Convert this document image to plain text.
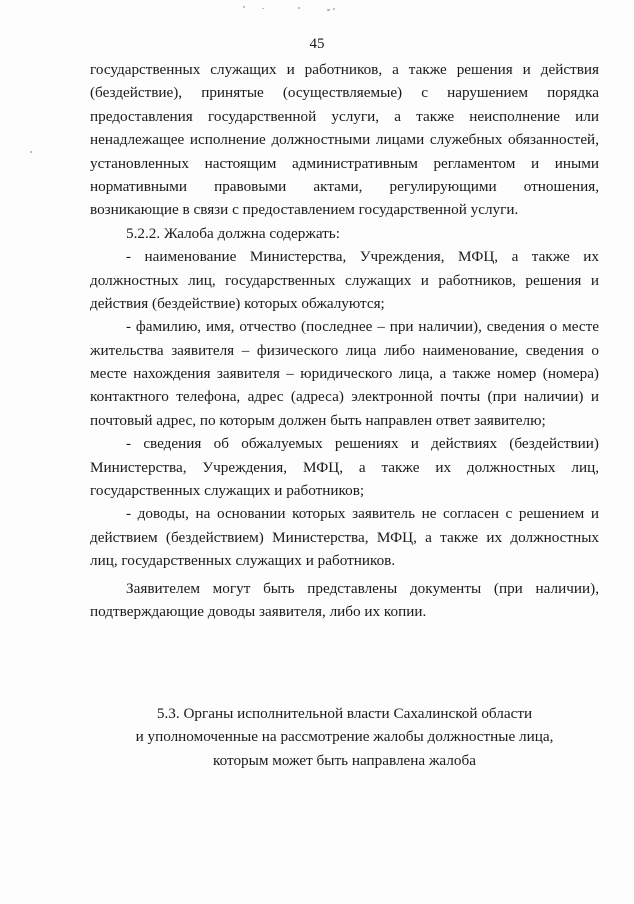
45
государственных служащих и работников, а также решения и действия
(бездействие), принятые (осуществляемые) с нарушением порядка
предоставления государственной услуги, а также неисполнение или
ненадлежащее исполнение должностными лицами служебных обязанностей,
установленных настоящим административным регламентом и иными
нормативными правовыми актами, регулирующими отношения,
возникающие в связи с предоставлением государственной услуги.
5.2.2. Жалоба должна содержать:
- наименование Министерства, Учреждения, МФЦ, а также их
должностных лиц, государственных служащих и работников, решения и
действия (бездействие) которых обжалуются;
- фамилию, имя, отчество (последнее – при наличии), сведения о месте
жительства заявителя – физического лица либо наименование, сведения о
месте нахождения заявителя – юридического лица, а также номер (номера)
контактного телефона, адрес (адреса) электронной почты (при наличии) и
почтовый адрес, по которым должен быть направлен ответ заявителю;
- сведения об обжалуемых решениях и действиях (бездействии)
Министерства, Учреждения, МФЦ, а также их должностных лиц,
государственных служащих и работников;
- доводы, на основании которых заявитель не согласен с решением и
действием (бездействием) Министерства, МФЦ, а также их должностных
лиц, государственных служащих и работников.
Заявителем могут быть представлены документы (при наличии),
подтверждающие доводы заявителя, либо их копии.
5.3. Органы исполнительной власти Сахалинской области
и уполномоченные на рассмотрение жалобы должностные лица,
которым может быть направлена жалоба
